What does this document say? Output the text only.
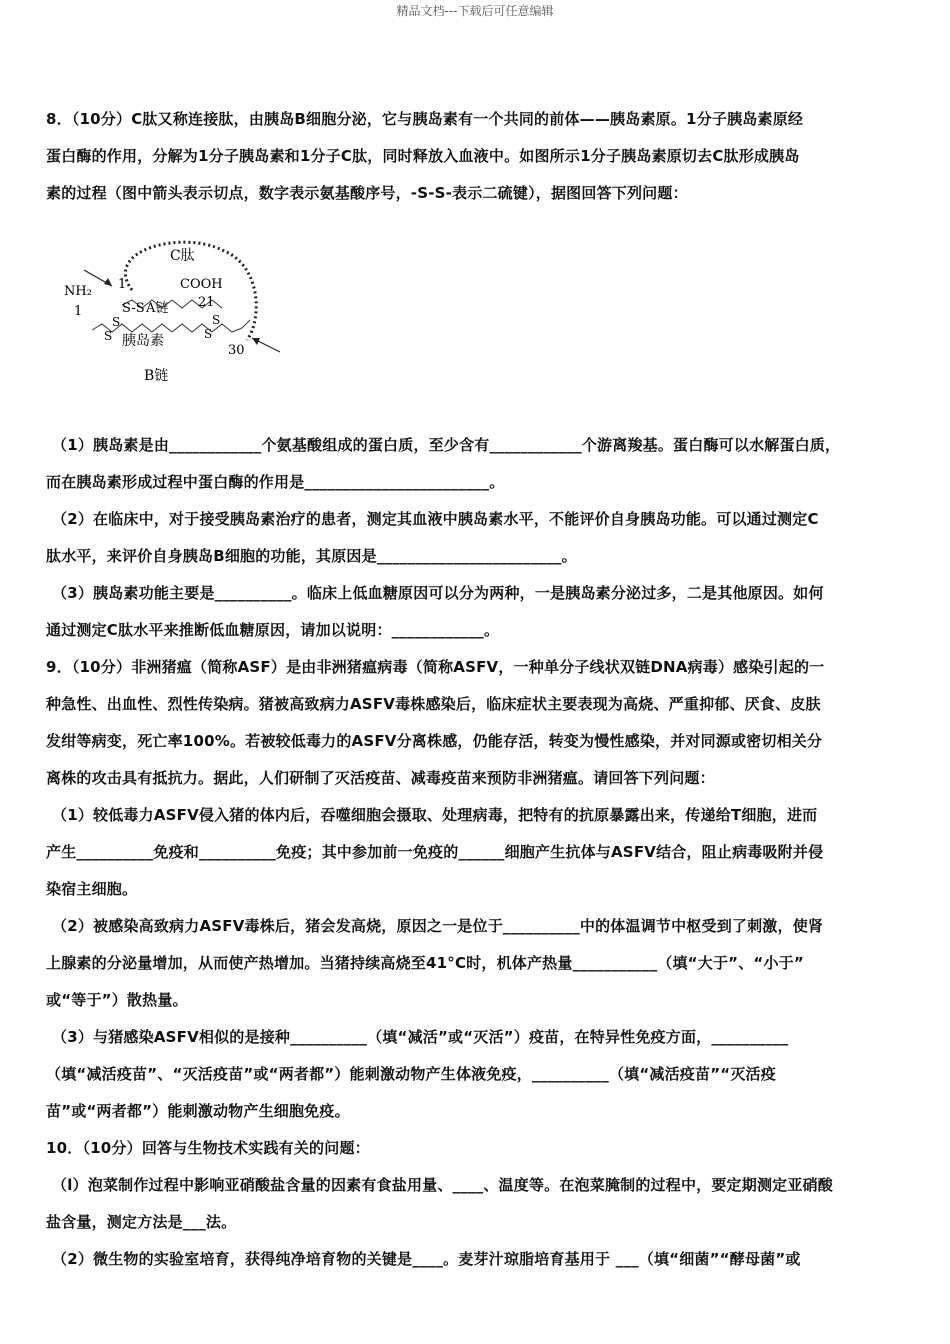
精品文档---下载后可任意编辑

8．（10分）C肽又称连接肽，由胰岛B细胞分泌，它与胰岛素有一个共同的前体——胰岛素原。1分子胰岛素原经

蛋白酶的作用，分解为1分子胰岛素和1分子C肽，同时释放入血液中。如图所示1分子胰岛素原切去C肽形成胰岛

素的过程（图中箭头表示切点，数字表示氨基酸序号，-S-S-表示二硫键），据图回答下列问题：

C肽
NH₂ 1
1
COOH
21
30
S-S A链
S
S
S
S
胰岛素
B链

（1）胰岛素是由____________个氨基酸组成的蛋白质，至少含有____________个游离羧基。蛋白酶可以水解蛋白质，

而在胰岛素形成过程中蛋白酶的作用是________________________。

（2）在临床中，对于接受胰岛素治疗的患者，测定其血液中胰岛素水平，不能评价自身胰岛功能。可以通过测定C

肽水平，来评价自身胰岛B细胞的功能，其原因是________________________。

（3）胰岛素功能主要是__________。临床上低血糖原因可以分为两种，一是胰岛素分泌过多，二是其他原因。如何

通过测定C肽水平来推断低血糖原因，请加以说明：____________。

9．（10分）非洲猪瘟（简称ASF）是由非洲猪瘟病毒（简称ASFV，一种单分子线状双链DNA病毒）感染引起的一

种急性、出血性、烈性传染病。猪被高致病力ASFV毒株感染后，临床症状主要表现为高烧、严重抑郁、厌食、皮肤

发绀等病变，死亡率100%。若被较低毒力的ASFV分离株感，仍能存活，转变为慢性感染，并对同源或密切相关分

离株的攻击具有抵抗力。据此，人们研制了灭活疫苗、减毒疫苗来预防非洲猪瘟。请回答下列问题：

（1）较低毒力ASFV侵入猪的体内后，吞噬细胞会摄取、处理病毒，把特有的抗原暴露出来，传递给T细胞，进而

产生__________免疫和__________免疫；其中参加前一免疫的______细胞产生抗体与ASFV结合，阻止病毒吸附并侵

染宿主细胞。

（2）被感染高致病力ASFV毒株后，猪会发高烧，原因之一是位于__________中的体温调节中枢受到了刺激，使肾

上腺素的分泌量增加，从而使产热增加。当猪持续高烧至41°C时，机体产热量___________（填“大于”、“小于”

或“等于”）散热量。

（3）与猪感染ASFV相似的是接种__________（填“减活”或“灭活”）疫苗，在特异性免疫方面，__________

（填“减活疫苗”、“灭活疫苗”或“两者都”）能刺激动物产生体液免疫，__________（填“减活疫苗”“灭活疫

苗”或“两者都”）能刺激动物产生细胞免疫。

10．（10分）回答与生物技术实践有关的问题：

（l）泡菜制作过程中影响亚硝酸盐含量的因素有食盐用量、____、温度等。在泡菜腌制的过程中，要定期测定亚硝酸

盐含量，测定方法是___法。

（2）微生物的实验室培育，获得纯净培育物的关键是____。麦芽汁琼脂培育基用于 ___（填“细菌”“酵母菌”或
